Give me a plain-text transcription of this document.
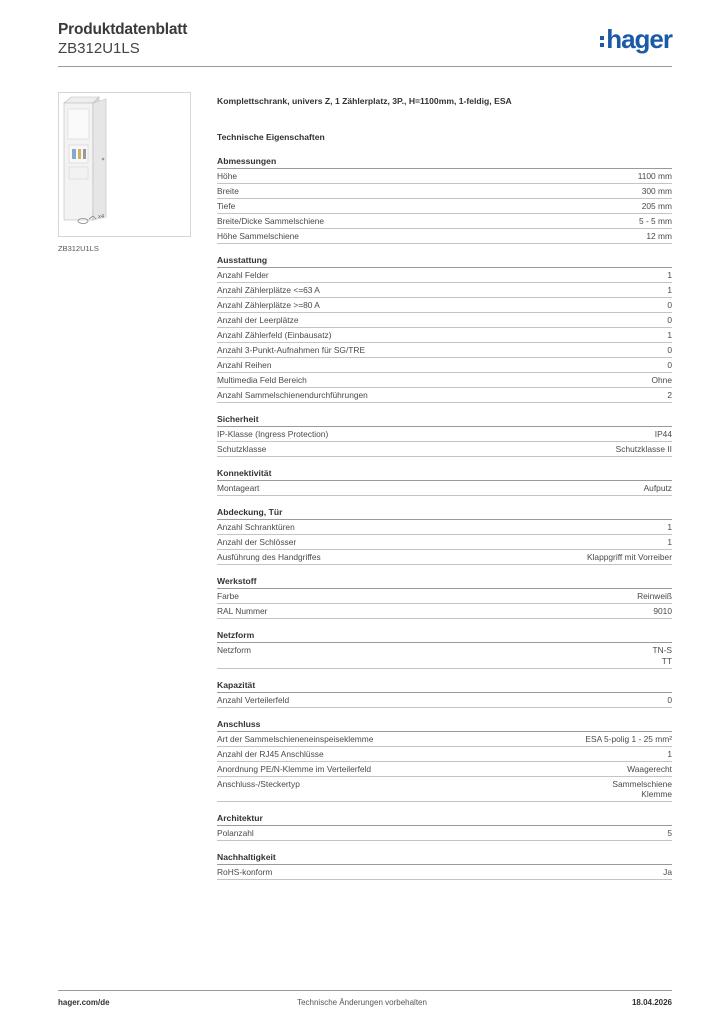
Produktdatenblatt
ZB312U1LS	hager
x4
ZB312U1LS
Komplettschrank, univers Z, 1 Zählerplatz, 3P., H=1100mm, 1-feldig, ESA
Technische Eigenschaften
Abmessungen
Höhe	1100 mm
Breite	300 mm
Tiefe	205 mm
Breite/Dicke Sammelschiene	5 - 5 mm
Höhe Sammelschiene	12 mm
Ausstattung
Anzahl Felder	1
Anzahl Zählerplätze <=63 A	1
Anzahl Zählerplätze >=80 A	0
Anzahl der Leerplätze	0
Anzahl Zählerfeld (Einbausatz)	1
Anzahl 3-Punkt-Aufnahmen für SG/TRE	0
Anzahl Reihen	0
Multimedia Feld Bereich	Ohne
Anzahl Sammelschienendurchführungen	2
Sicherheit
IP-Klasse (Ingress Protection)	IP44
Schutzklasse	Schutzklasse II
Konnektivität
Montageart	Aufputz
Abdeckung, Tür
Anzahl Schranktüren	1
Anzahl der Schlösser	1
Ausführung des Handgriffes	Klappgriff mit Vorreiber
Werkstoff
Farbe	Reinweiß
RAL Nummer	9010
Netzform
Netzform	TN-S
TT
Kapazität
Anzahl Verteilerfeld	0
Anschluss
Art der Sammelschieneneinspeiseklemme	ESA 5-polig 1 - 25 mm²
Anzahl der RJ45 Anschlüsse	1
Anordnung PE/N-Klemme im Verteilerfeld	Waagerecht
Anschluss-/Steckertyp	Sammelschiene
Klemme
Architektur
Polanzahl	5
Nachhaltigkeit
RoHS-konform	Ja
hager.com/de	Technische Änderungen vorbehalten	18.04.2026
